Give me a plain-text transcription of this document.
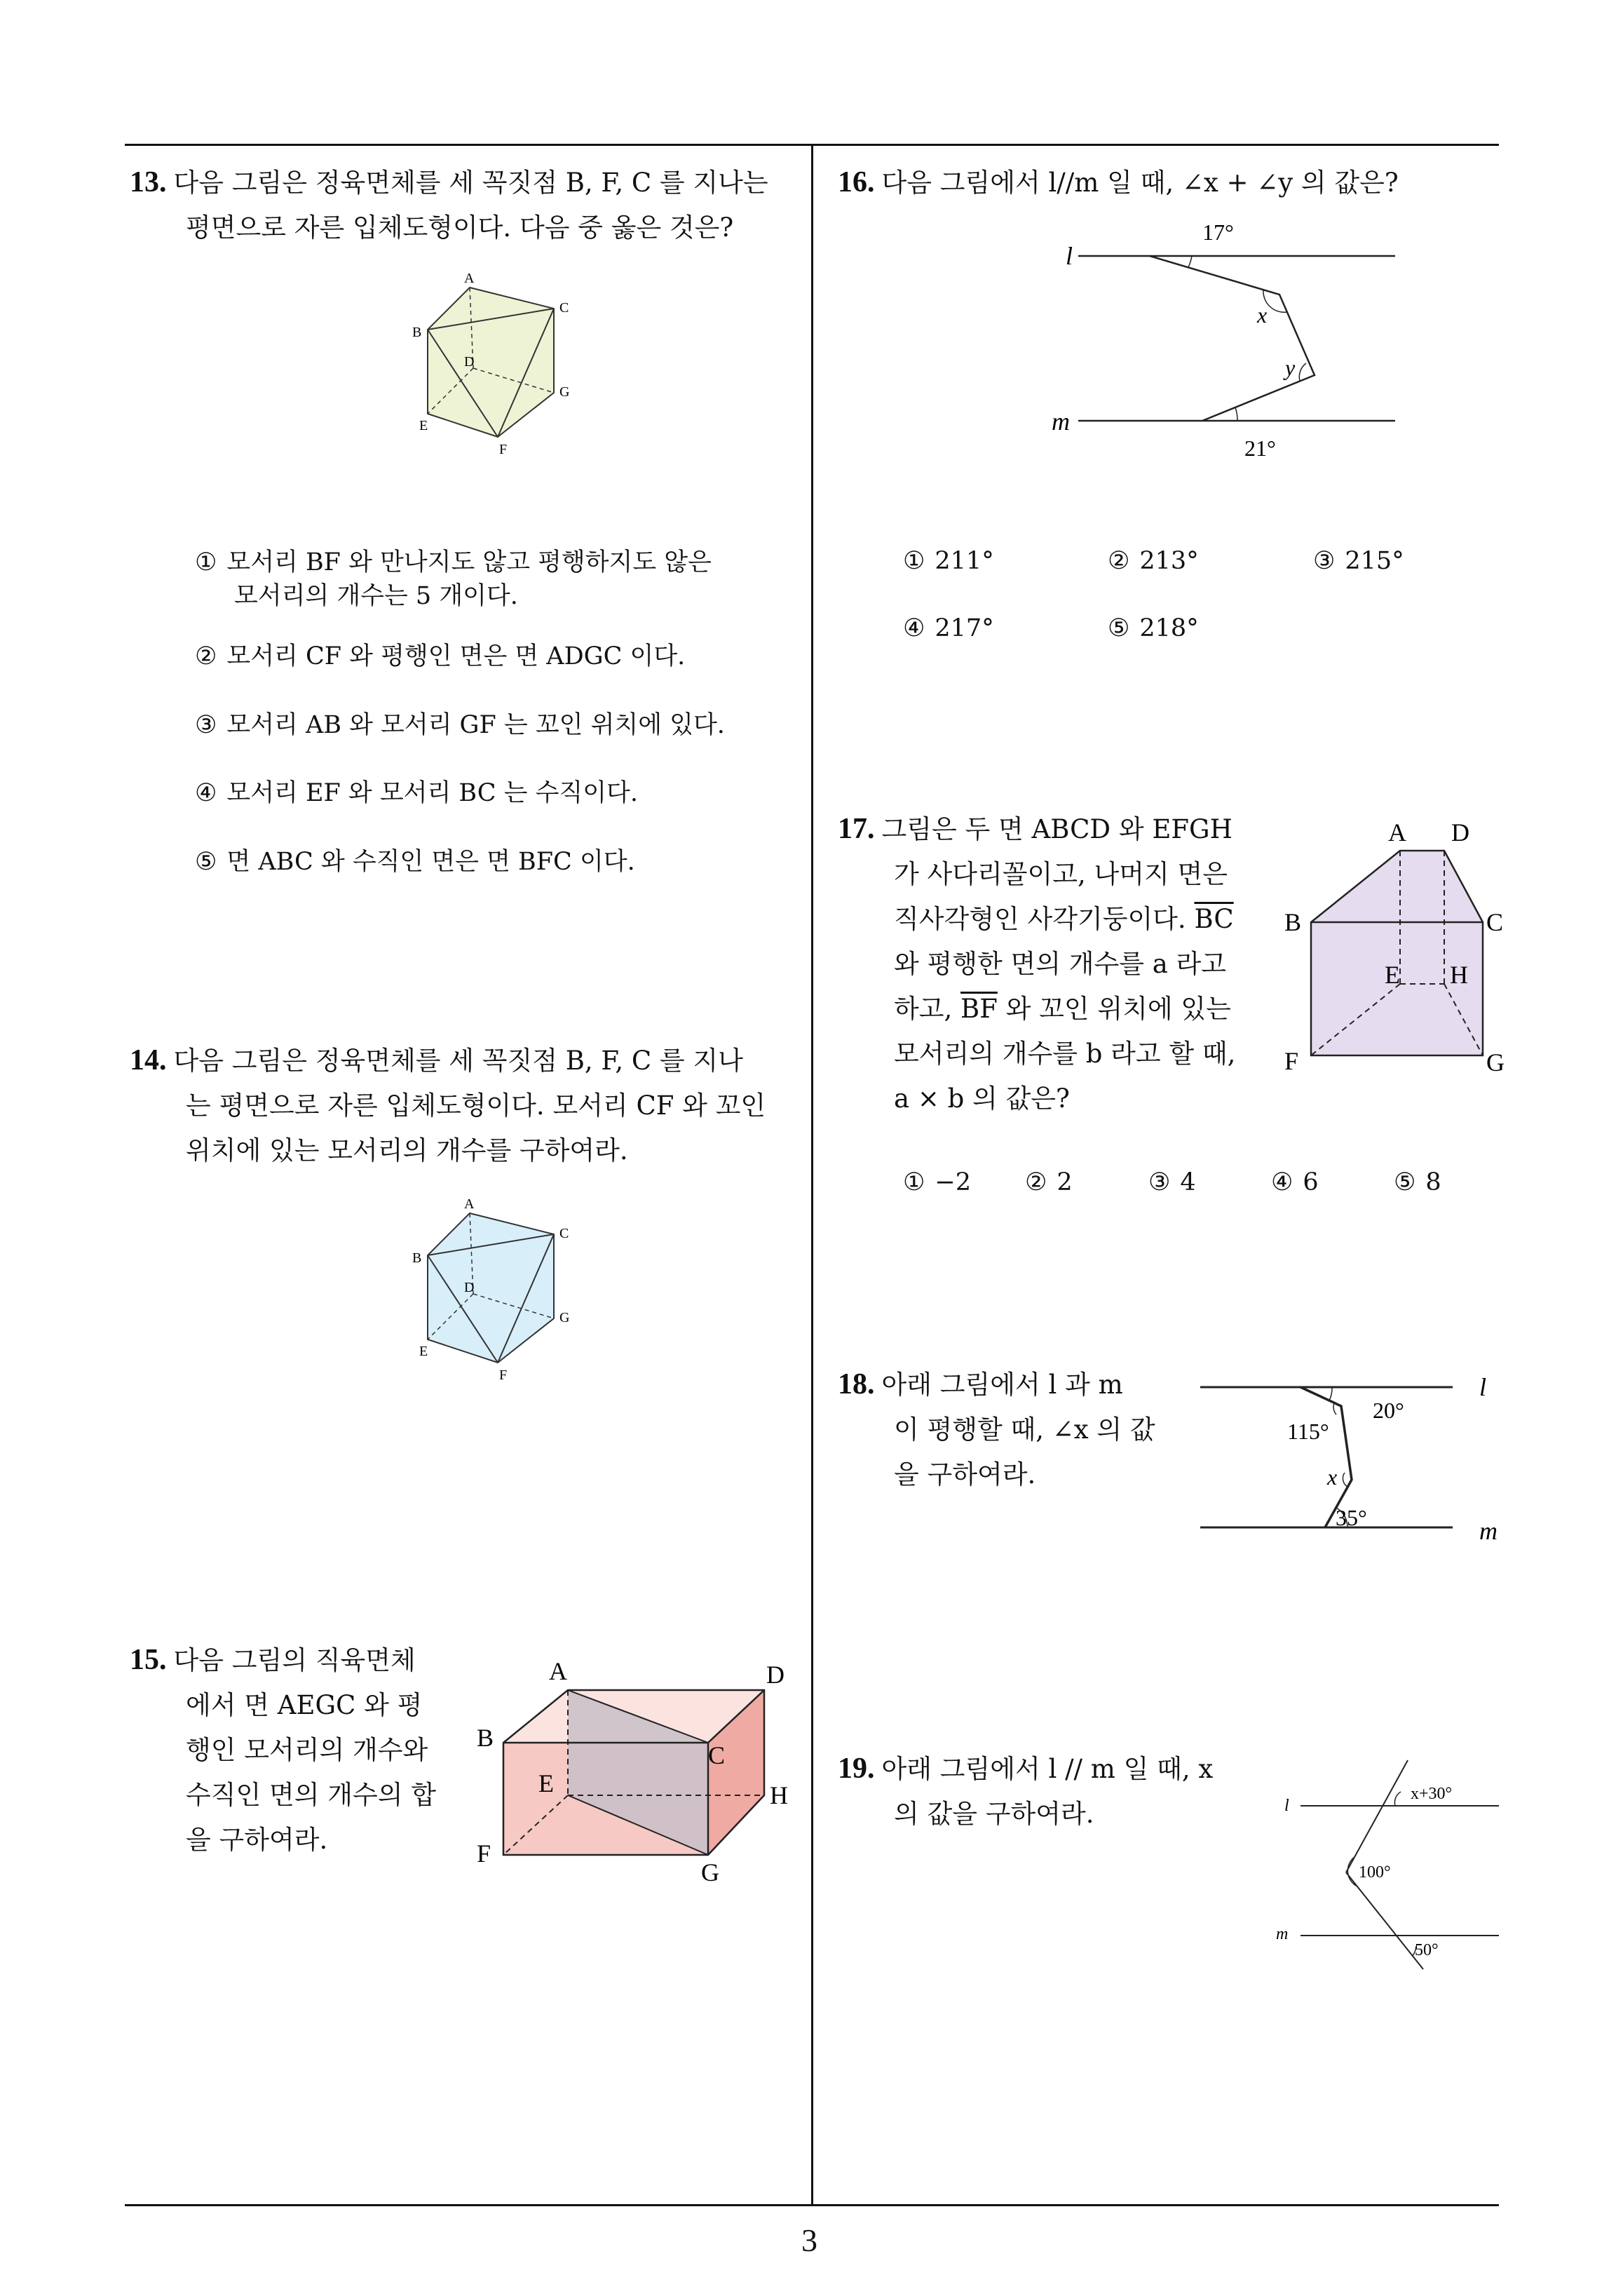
3
13. 다음 그림은 정육면체를 세 꼭짓점 B, F, C 를 지나는
평면으로 자른 입체도형이다. 다음 중 옳은 것은?
A
B
C
D
E
F
G
① 모서리 BF 와 만나지도 않고 평행하지도 않은
모서리의 개수는 5 개이다.
② 모서리 CF 와 평행인 면은 면 ADGC 이다.
③ 모서리 AB 와 모서리 GF 는 꼬인 위치에 있다.
④ 모서리 EF 와 모서리 BC 는 수직이다.
⑤ 면 ABC 와 수직인 면은 면 BFC 이다.
14. 다음 그림은 정육면체를 세 꼭짓점 B, F, C 를 지나
는 평면으로 자른 입체도형이다. 모서리 CF 와 꼬인
위치에 있는 모서리의 개수를 구하여라.
A
B
C
D
E
F
G
15. 다음 그림의 직육면체
에서 면 AEGC 와 평
행인 모서리의 개수와
수직인 면의 개수의 합
을 구하여라.
A
B
C
D
E
F
G
H
16. 다음 그림에서 l//m 일 때, ∠x + ∠y 의 값은?
l
m
17°
x
y
21°
① 211°	② 213°	③ 215°
④ 217°	⑤ 218°
17. 그림은 두 면 ABCD 와 EFGH
가 사다리꼴이고, 나머지 면은
직사각형인 사각기둥이다. $\overline{BC}$
와 평행한 면의 개수를 a 라고
하고, $\overline{BF}$ 와 꼬인 위치에 있는
모서리의 개수를 b 라고 할 때,
a × b 의 값은?
A D
B	C
E H
F	G
① −2 ② 2	③ 4	④ 6	⑤ 8
18. 아래 그림에서 l 과 m
이 평행할 때, ∠x 의 값
을 구하여라.
l
m
20°
115°
x
35°
19. 아래 그림에서 l // m 일 때, x
의 값을 구하여라.	l
m
x+30°
100°
50°
